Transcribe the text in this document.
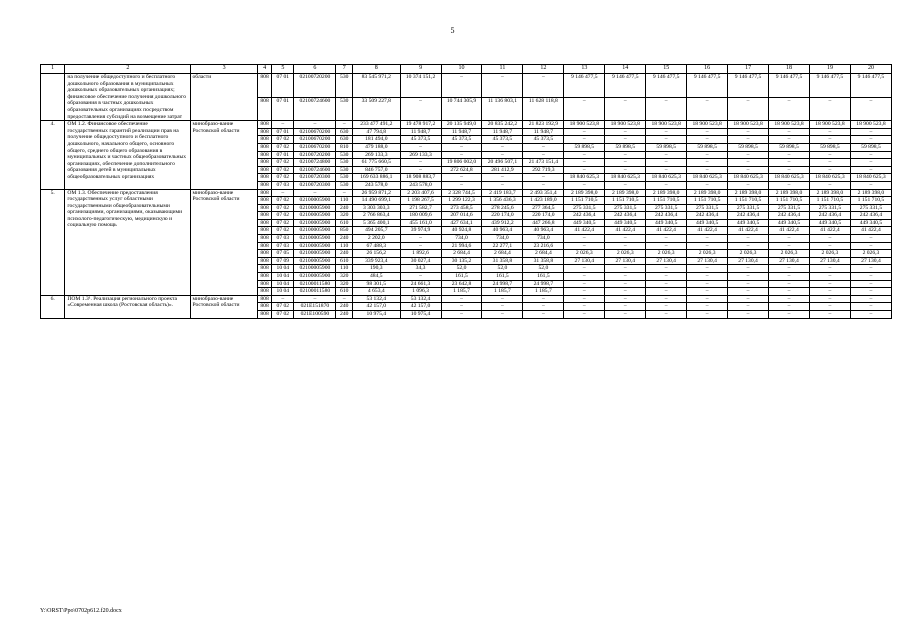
5
1	2	3	4	5	6	7	8	9	10	11	12	13	14	15	16	17	18	19	20
	на получение общедоступного и бесплатного дошкольного образования в муниципальных дошкольных образовательных организациях; финансовое обеспечение получения дошкольного образования в частных дошкольных образовательных организациях посредством предоставления субсидий на возмещение затрат	области	808	07 01	02100720200	530	83 545 971,2	10 374 151,2	–	–	–	9 146 477,5	9 146 477,5	9 146 477,5	9 146 477,5	9 146 477,5	9 146 477,5	9 146 477,5	9 146 477,5
			808	07 01	02100724600	530	33 509 227,8	–	10 744 305,9	11 136 803,1	11 628 118,8	–	–	–	–	–	–	–	–
4.	ОМ 1.2. Финансовое обеспечение государственных гарантий реализации прав на получение общедоступного и бесплатного дошкольного, начального общего, основного общего, среднего общего образования в муниципальных и частных общеобразовательных организациях, обеспечение дополнительного образования детей в муниципальных общеобразовательных организациях	минобразо-вание Ростовской области	808	–	–	–	233 477 491,2	19 478 917,2	20 135 949,0	20 835 242,2	21 823 192,9	18 900 523,8	18 900 523,8	18 900 523,8	18 900 523,8	18 900 523,8	18 900 523,8	18 900 523,8	18 900 523,8
			808	07 01	02100670200	630	47 794,8	11 948,7	11 948,7	11 948,7	11 948,7	–	–	–	–	–	–	–	–
			808	07 02	02100670200	630	181 494,0	45 373,5	45 373,5	45 373,5	45 373,5	–	–	–	–	–	–	–	–
			808	07 02	02100670200	810	479 188,0	–	–	–	–	59 898,5	59 898,5	59 898,5	59 898,5	59 898,5	59 898,5	59 898,5	59 898,5
			808	07 01	02100720200	530	269 133,3	269 133,3	–	–	–	–	–	–	–	–	–	–	–
			808	07 02	02100724800	530	61 775 660,5	–	19 806 002,0	20 496 507,1	21 473 151,4	–	–	–	–	–	–	–	–
			808	07 02	02100724600	530	846 757,0	–	272 624,8	281 412,9	292 719,3	–	–	–	–	–	–	–	–
			808	07 02	02100720300	530	169 633 886,1	18 908 883,7	–	–	–	18 840 625,3	18 840 625,3	18 840 625,3	18 840 625,3	18 840 625,3	18 840 625,3	18 840 625,3	18 840 625,3
			808	07 03	02100720300	530	243 578,0	243 578,0	–	–	–	–	–	–	–	–	–	–	–
5.	ОМ 1.3. Обеспечение предоставления государственных услуг областными государственными общеобразовательными организациями, организациями, оказывающими психолого-педагогическую, медицинскую и социальную помощь	минобразо-вание Ростовской области	808	–	–	–	26 959 871,2	2 203 407,6	2 328 744,5	2 419 183,7	2 493 351,4	2 189 398,0	2 189 398,0	2 189 398,0	2 189 398,0	2 189 398,0	2 189 398,0	2 189 398,0	2 189 398,0
			808	07 02	02100005900	110	14 490 699,1	1 198 267,5	1 299 122,3	1 356 436,3	1 423 189,0	1 151 710,5	1 151 710,5	1 151 710,5	1 151 710,5	1 151 710,5	1 151 710,5	1 151 710,5	1 151 710,5
			808	07 02	02100005900	240	3 303 303,3	271 582,7	273 458,5	278 245,6	277 364,5	275 331,5	275 331,5	275 331,5	275 331,5	275 331,5	275 331,5	275 331,5	275 331,5
			808	07 02	02100005900	320	2 766 863,4	180 009,6	207 014,6	220 174,0	220 174,0	242 436,4	242 436,4	242 436,4	242 436,4	242 436,4	242 436,4	242 436,4	242 436,4
			808	07 02	02100005900	610	5 365 400,1	455 161,0	427 634,1	439 912,2	447 266,8	449 340,5	449 340,5	449 340,5	449 340,5	449 340,5	449 340,5	449 340,5	449 340,5
			808	07 02	02100005900	850	494 205,7	39 974,9	40 924,8	40 963,4	40 963,4	41 422,4	41 422,4	41 422,4	41 422,4	41 422,4	41 422,4	41 422,4	41 422,4
			808	07 03	02100005900	240	2 202,0	–	734,0	734,0	734,0	–	–	–	–	–	–	–	–
			808	07 03	02100005900	110	67 488,3	–	21 994,6	22 277,1	23 216,6	–	–	–	–	–	–	–	–
			808	07 05	02100005900	240	26 156,2	1 892,6	2 684,4	2 684,4	2 684,4	2 026,3	2 026,3	2 026,3	2 026,3	2 026,3	2 026,3	2 026,3	2 026,3
			808	07 09	02100005900	610	339 923,4	30 027,4	30 135,2	31 358,8	31 358,8	27 130,4	27 130,4	27 130,4	27 130,4	27 130,4	27 130,4	27 130,4	27 130,4
			808	10 04	02100005900	110	190,3	34,3	52,0	52,0	52,0	–	–	–	–	–	–	–	–
			808	10 04	02100005900	320	484,5	–	161,5	161,5	161,5	–	–	–	–	–	–	–	–
			808	10 04	02100011580	320	98 301,5	24 661,3	23 642,8	24 998,7	24 998,7	–	–	–	–	–	–	–	–
			808	10 04	02100011580	610	4 653,4	1 096,3	1 185,7	1 185,7	1 185,7	–	–	–	–	–	–	–	–
6.	ПОМ 1.3¹. Реализация регионального проекта «Современная школа (Ростовская область)».	минобразо-вание Ростовской области	808	–	–	–	53 132,4	53 132,4	–	–	–	–	–	–	–	–	–	–	–
			808	07 02	021E151870	240	42 157,0	42 157,0	–	–	–	–	–	–	–	–	–	–	–
			808	07 02	021E100590	240	10 975,4	10 975,4	–	–	–	–	–	–	–	–	–	–	–
Y:\ORST\Ppo\0702p612.f20.docx
